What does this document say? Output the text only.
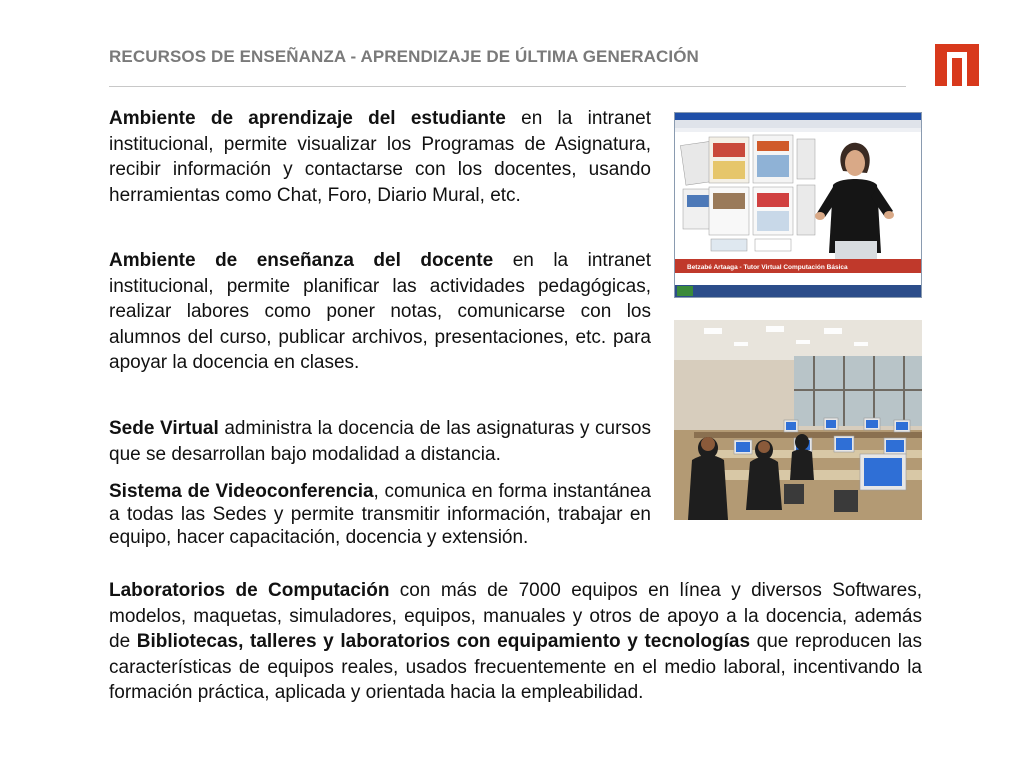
RECURSOS DE ENSEÑANZA - APRENDIZAJE DE ÚLTIMA GENERACIÓN

Ambiente de aprendizaje del estudiante en la intranet institucional, permite visualizar los Programas de Asignatura, recibir información y contactarse con los docentes, usando herramientas como Chat, Foro, Diario Mural, etc.

Ambiente de enseñanza del docente en la intranet institucional, permite planificar las actividades pedagógicas, realizar labores como poner notas, comunicarse con los alumnos del curso, publicar archivos, presentaciones, etc. para apoyar la docencia en clases.

Sede Virtual administra la docencia de las asignaturas y cursos que se desarrollan bajo modalidad a distancia.

Sistema de Videoconferencia, comunica en forma instantánea a todas las Sedes y permite transmitir información, trabajar en equipo, hacer capacitación, docencia y extensión.

Laboratorios de Computación con más de 7000 equipos en línea y diversos Softwares, modelos, maquetas, simuladores, equipos, manuales y otros de apoyo a la docencia, además de Bibliotecas, talleres y laboratorios con equipamiento y tecnologías que reproducen las características de equipos reales, usados frecuentemente en el medio laboral, incentivando la formación práctica, aplicada y orientada hacia la empleabilidad.

Betzabé Artaaga - Tutor Virtual Computación Básica
